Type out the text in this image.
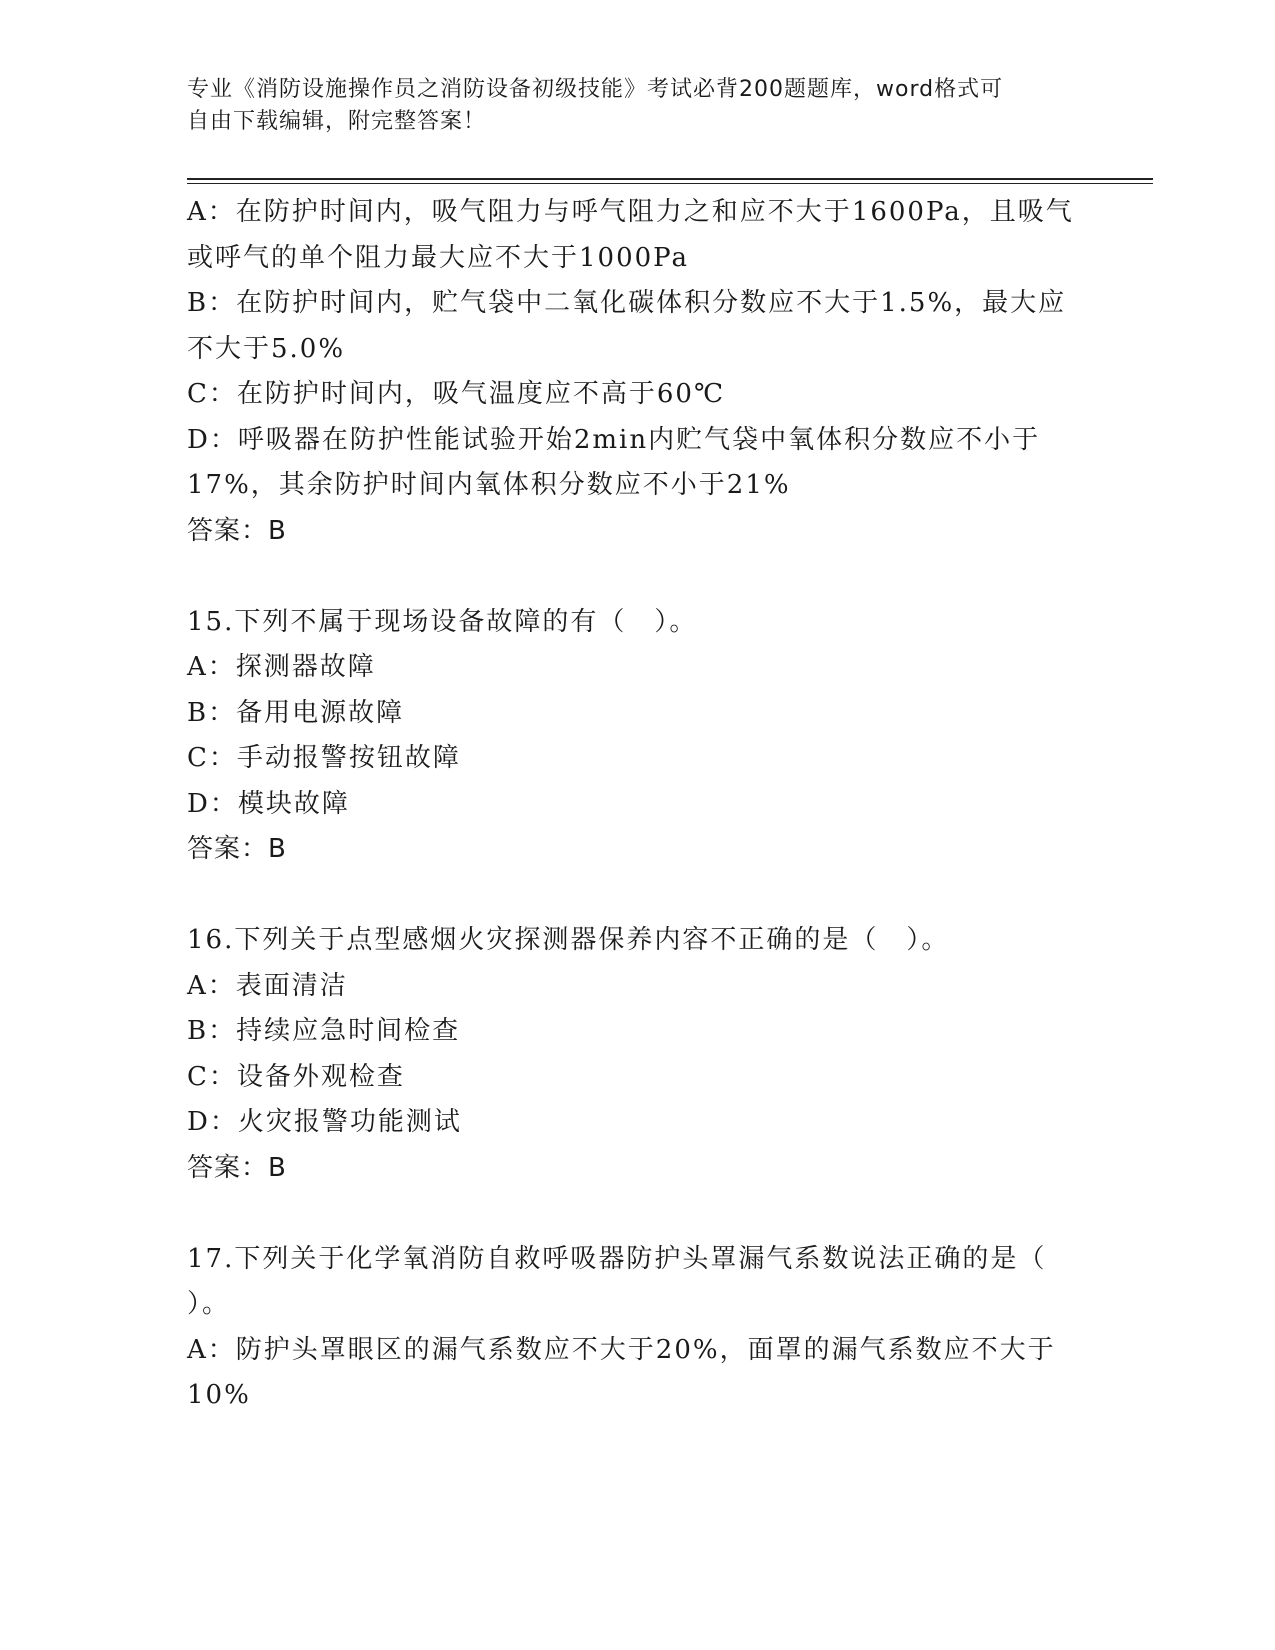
专业《消防设施操作员之消防设备初级技能》考试必背200题题库，word格式可
自由下载编辑，附完整答案！
A：在防护时间内，吸气阻力与呼气阻力之和应不大于1600Pa，且吸气
或呼气的单个阻力最大应不大于1000Pa
B：在防护时间内，贮气袋中二氧化碳体积分数应不大于1.5%，最大应
不大于5.0%
C：在防护时间内，吸气温度应不高于60℃
D：呼吸器在防护性能试验开始2min内贮气袋中氧体积分数应不小于
17%，其余防护时间内氧体积分数应不小于21%
答案：B
15.下列不属于现场设备故障的有（　）。
A：探测器故障
B：备用电源故障
C：手动报警按钮故障
D：模块故障
答案：B
16.下列关于点型感烟火灾探测器保养内容不正确的是（　）。
A：表面清洁
B：持续应急时间检查
C：设备外观检查
D：火灾报警功能测试
答案：B
17.下列关于化学氧消防自救呼吸器防护头罩漏气系数说法正确的是（
）。
A：防护头罩眼区的漏气系数应不大于20%，面罩的漏气系数应不大于
10%
